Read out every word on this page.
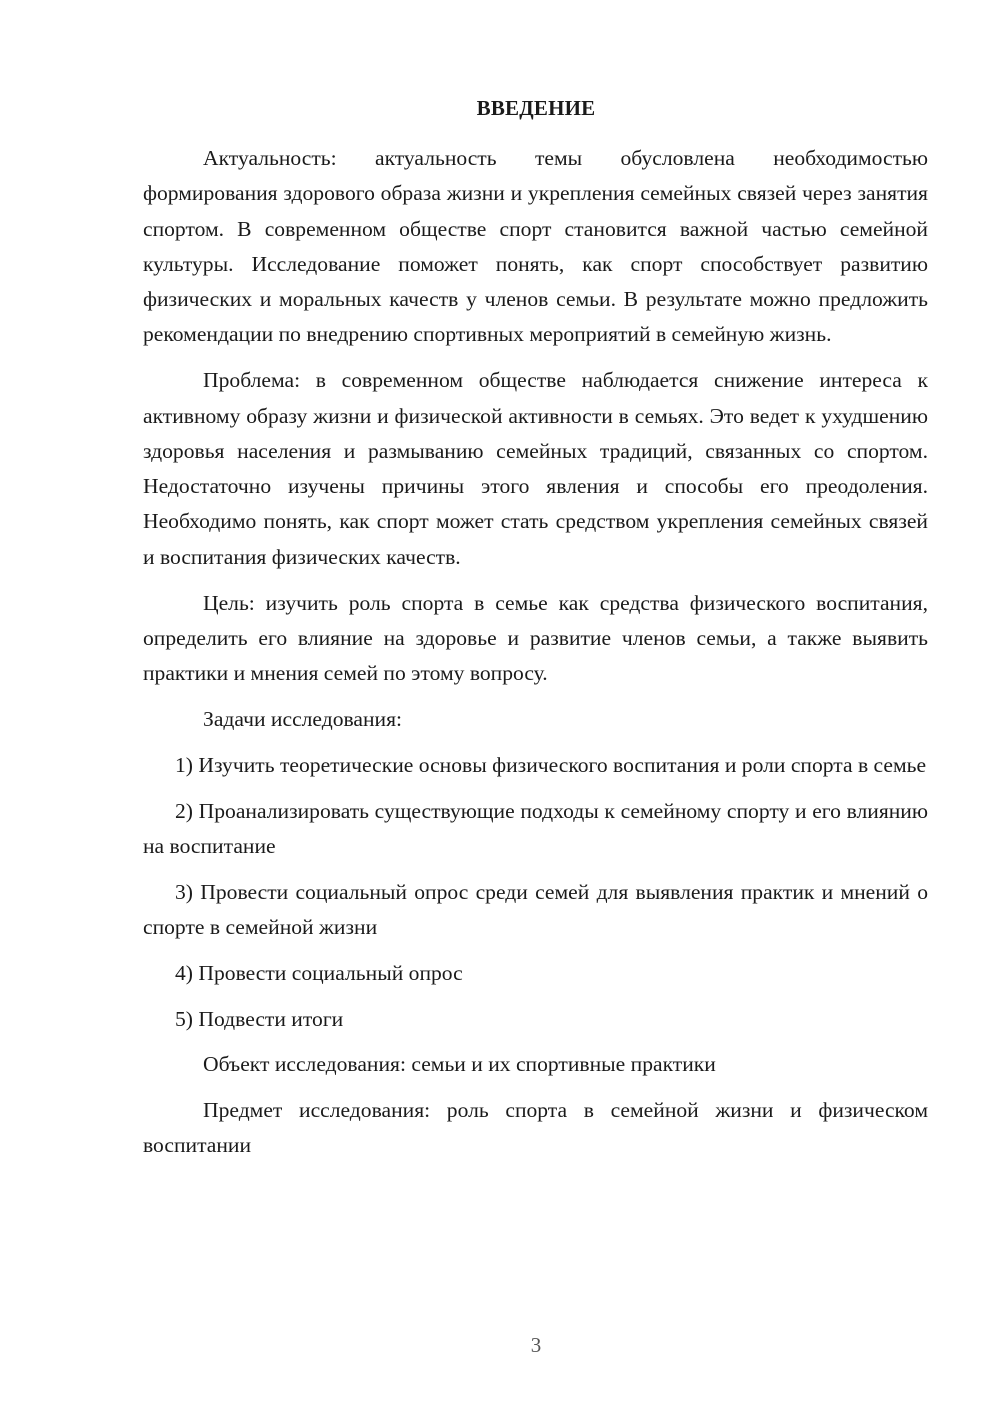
ВВЕДЕНИЕ

Актуальность: актуальность темы обусловлена необходимостью формирования здорового образа жизни и укрепления семейных связей через занятия спортом. В современном обществе спорт становится важной частью семейной культуры. Исследование поможет понять, как спорт способствует развитию физических и моральных качеств у членов семьи. В результате можно предложить рекомендации по внедрению спортивных мероприятий в семейную жизнь.

Проблема: в современном обществе наблюдается снижение интереса к активному образу жизни и физической активности в семьях. Это ведет к ухудшению здоровья населения и размыванию семейных традиций, связанных со спортом. Недостаточно изучены причины этого явления и способы его преодоления. Необходимо понять, как спорт может стать средством укрепления семейных связей и воспитания физических качеств.

Цель: изучить роль спорта в семье как средства физического воспитания, определить его влияние на здоровье и развитие членов семьи, а также выявить практики и мнения семей по этому вопросу.

Задачи исследования:

1) Изучить теоретические основы физического воспитания и роли спорта в семье

2) Проанализировать существующие подходы к семейному спорту и его влиянию на воспитание

3) Провести социальный опрос среди семей для выявления практик и мнений о спорте в семейной жизни

4) Провести социальный опрос

5) Подвести итоги

Объект исследования: семьи и их спортивные практики

Предмет исследования: роль спорта в семейной жизни и физическом воспитании

3
